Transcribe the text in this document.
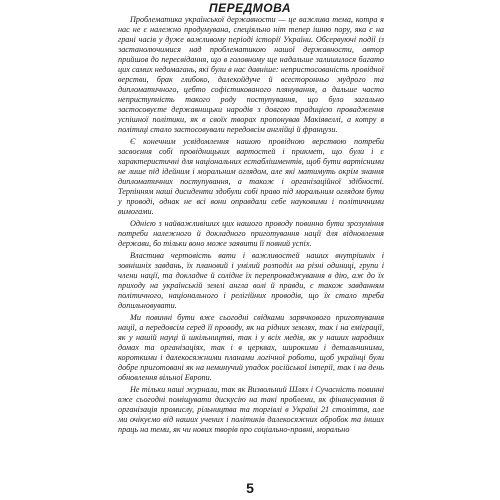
ПЕРЕДМОВА

Проблематика української державности — це важлива тема, котра я нас не є належно продумувана, спеціяльно ніт тепер ішню пору, яка є на грані часів у дуже важливому періоді історії України. Обсервуючі події із застанолючимися над проблематикою нашої державности, автор прийшов до пересвідання, що в головному ще надальше залишилося багато цих самих недомагань, які були в нас давніше: непристосованість провідної верстви, брак глибоко, далекойдуче й всесторонньо мудрого та дипломатичного, цебто софістикованого плянування, а дальше часто неприступність такого роду поступування, що було загально застосовуєте державницьки народів з довгою традицією провадження успішної політики, як в своїх творах пропонував Макіявеллі, а котру в політиці стало застосовували передовсім англійці й французи.

Є конечним усвідомлення нашою провідною верствою потреби засвоєння собі провідницьких вартостей і прикмет, що були і є характеристичні для національних естаблішментів, щоб бути вартісними не лише під ідейним і моральним оглядом, але які матимуть окрім знання дипломатичних поступування, а також і організаційної здібності. Терпінням наші дисиденти здобули собі право під моральним оглядом бути у проводі, однак не всі вони оправдали себе науковими і політичними вимогами.

Однією з найважливіших цих нашого проводу повинно бути зрозуміння потреби належного й докладного приготування нації для відновлення держави, бо тільки воно може заявити її повний успіх.

Властива чертовість вати і важливостей наших внутрішніх і зовнішніх завдань, їх плановий і умілий розподіл на різні одиниці, групи і члени нації, та докладне й солідне їх перепроваджування в дію, аж до їх приходу на українській землі англа волі й правди, є також завданням політичного, національного і релігійних проводів, що їх стало треба допильновувати.

Ми повинні бути вже сьогодні свідками зарячкового приготування нації, а передовсім серед її проводу, як на рідних землях, так і на еміграції, як у нашій науці й шкільництві, так і у всіх медія, як у наших народних домах та організаціях, так і в церквах, широкими і детальчиними, короткими і далекосяжними планами логічної роботи, щоб українці були добре приготовані як на неминучий упадок російської імперії, так і на день обновлення вільної Европи.

Не тільки наші журнали, так як Визвольний Шлях і Сучасність повинні вже сьогодні поміщувати дискусію на такі проблеми, як фінансування й організація промислу, рільництва та торгівлі в Україні 21 століття, але ми очікуємо від наших учених і політиків далекосяжних обробок та інших праць на теми, як чи нових творів про соціально-правні, морально

5
